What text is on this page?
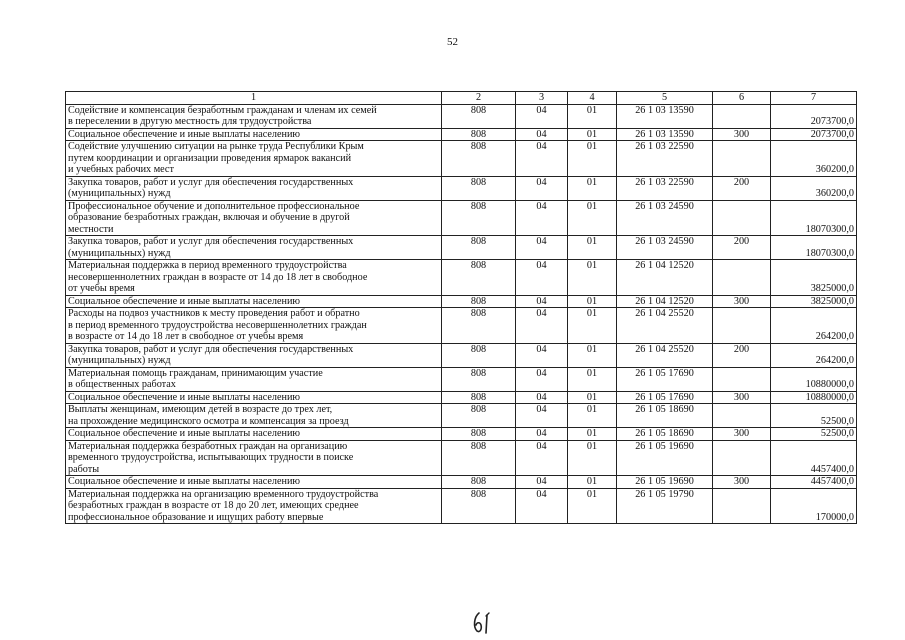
52
1	2	3	4	5	6	7

Содействие и компенсация безработным гражданам и членам их семей
в переселении в другую местность для трудоустройства	808	04	01	26 1 03 13590		2073700,0

Социальное обеспечение и иные выплаты населению	808	04	01	26 1 03 13590	300	2073700,0

Содействие улучшению ситуации на рынке труда Республики Крым
путем координации и организации проведения ярмарок вакансий
и учебных рабочих мест	808	04	01	26 1 03 22590		360200,0

Закупка товаров, работ и услуг для обеспечения государственных
(муниципальных) нужд	808	04	01	26 1 03 22590	200	360200,0

Профессиональное обучение и дополнительное профессиональное
образование безработных граждан, включая и обучение в другой
местности	808	04	01	26 1 03 24590		18070300,0

Закупка товаров, работ и услуг для обеспечения государственных
(муниципальных) нужд	808	04	01	26 1 03 24590	200	18070300,0

Материальная поддержка в период временного трудоустройства
несовершеннолетних граждан в возрасте от 14 до 18 лет в свободное
от учебы время	808	04	01	26 1 04 12520		3825000,0

Социальное обеспечение и иные выплаты населению	808	04	01	26 1 04 12520	300	3825000,0

Расходы на подвоз участников к месту проведения работ и обратно
в период временного трудоустройства несовершеннолетних граждан
в возрасте от 14 до 18 лет в свободное от учебы время	808	04	01	26 1 04 25520		264200,0

Закупка товаров, работ и услуг для обеспечения государственных
(муниципальных) нужд	808	04	01	26 1 04 25520	200	264200,0

Материальная помощь гражданам, принимающим участие
в общественных работах	808	04	01	26 1 05 17690		10880000,0

Социальное обеспечение и иные выплаты населению	808	04	01	26 1 05 17690	300	10880000,0

Выплаты женщинам, имеющим детей в возрасте до трех лет,
на прохождение медицинского осмотра и компенсация за проезд	808	04	01	26 1 05 18690		52500,0

Социальное обеспечение и иные выплаты населению	808	04	01	26 1 05 18690	300	52500,0

Материальная поддержка безработных граждан на организацию
временного трудоустройства, испытывающих трудности в поиске
работы	808	04	01	26 1 05 19690		4457400,0

Социальное обеспечение и иные выплаты населению	808	04	01	26 1 05 19690	300	4457400,0

Материальная поддержка на организацию временного трудоустройства
безработных граждан в возрасте от 18 до 20 лет, имеющих среднее
профессиональное образование и ищущих работу впервые	808	04	01	26 1 05 19790		170000,0
